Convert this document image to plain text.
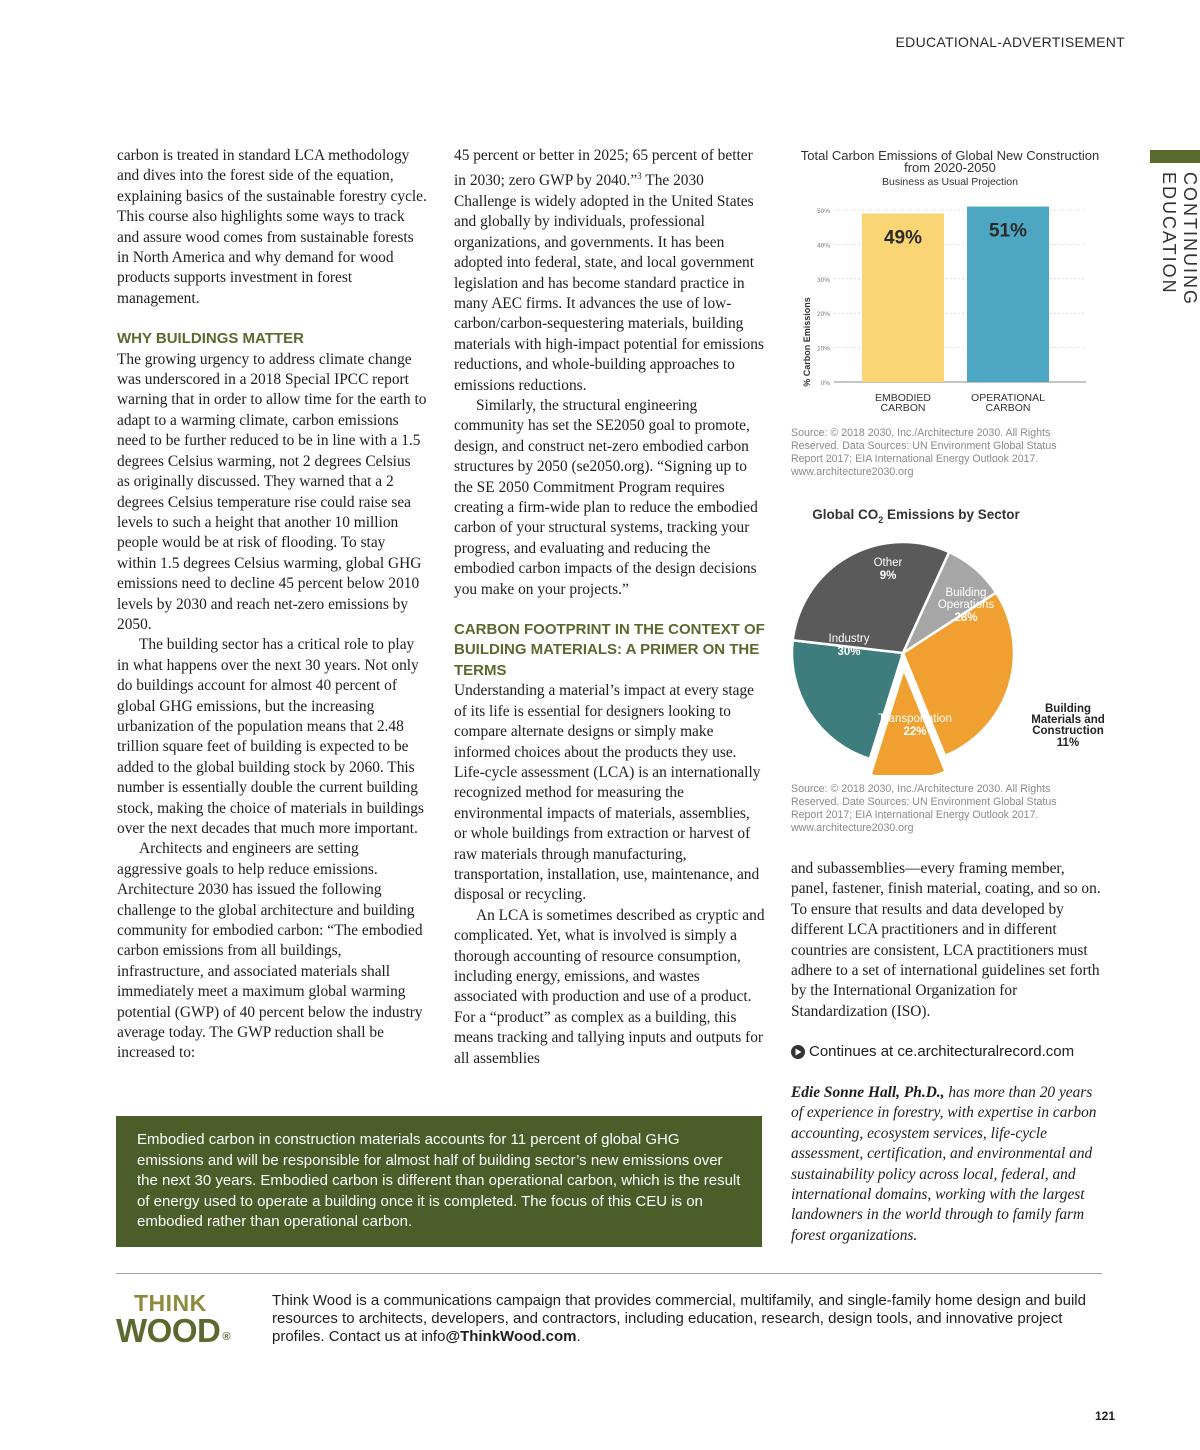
EDUCATIONAL-ADVERTISEMENT
CONTINUING EDUCATION

carbon is treated in standard LCA methodology and dives into the forest side of the equation, explaining basics of the sustainable forestry cycle. This course also highlights some ways to track and assure wood comes from sustainable forests in North America and why demand for wood products supports investment in forest management.

WHY BUILDINGS MATTER

The growing urgency to address climate change was underscored in a 2018 Special IPCC report warning that in order to allow time for the earth to adapt to a warming climate, carbon emissions need to be further reduced to be in line with a 1.5 degrees Celsius warming, not 2 degrees Celsius as originally discussed. They warned that a 2 degrees Celsius temperature rise could raise sea levels to such a height that another 10 million people would be at risk of flooding. To stay within 1.5 degrees Celsius warming, global GHG emissions need to decline 45 percent below 2010 levels by 2030 and reach net-zero emissions by 2050.

The building sector has a critical role to play in what happens over the next 30 years. Not only do buildings account for almost 40 percent of global GHG emissions, but the increasing urbanization of the population means that 2.48 trillion square feet of building is expected to be added to the global building stock by 2060. This number is essentially double the current building stock, making the choice of materials in buildings over the next decades that much more important.

Architects and engineers are setting aggressive goals to help reduce emissions. Architecture 2030 has issued the following challenge to the global architecture and building community for embodied carbon: “The embodied carbon emissions from all buildings, infrastructure, and associated materials shall immediately meet a maximum global warming potential (GWP) of 40 percent below the industry average today. The GWP reduction shall be increased to:

45 percent or better in 2025; 65 percent of better in 2030; zero GWP by 2040.”$^3$ The 2030 Challenge is widely adopted in the United States and globally by individuals, professional organizations, and governments. It has been adopted into federal, state, and local government legislation and has become standard practice in many AEC firms. It advances the use of low-carbon/carbon-sequestering materials, building materials with high-impact potential for emissions reductions, and whole-building approaches to emissions reductions.

Similarly, the structural engineering community has set the SE2050 goal to promote, design, and construct net-zero embodied carbon structures by 2050 (se2050.org). “Signing up to the SE 2050 Commitment Program requires creating a firm-wide plan to reduce the embodied carbon of your structural systems, tracking your progress, and evaluating and reducing the embodied carbon impacts of the design decisions you make on your projects.”

CARBON FOOTPRINT IN THE CONTEXT OF BUILDING MATERIALS: A PRIMER ON THE TERMS

Understanding a material’s impact at every stage of its life is essential for designers looking to compare alternate designs or simply make informed choices about the products they use. Life-cycle assessment (LCA) is an internationally recognized method for measuring the environmental impacts of materials, assemblies, or whole buildings from extraction or harvest of raw materials through manufacturing, transportation, installation, use, maintenance, and disposal or recycling.

An LCA is sometimes described as cryptic and complicated. Yet, what is involved is simply a thorough accounting of resource consumption, including energy, emissions, and wastes associated with production and use of a product. For a “product” as complex as a building, this means tracking and tallying inputs and outputs for all assemblies

Total Carbon Emissions of Global New Construction
from 2020-2050
Business as Usual Projection
% Carbon Emissions 0%
10%
20%
30%
40%
50%
49%	51%
EMBODIED
CARBON
OPERATIONAL
CARBON
Source: © 2018 2030, Inc./Architecture 2030. All Rights
Reserved. Data Sources: UN Environment Global Status
Report 2017; EIA International Energy Outlook 2017.
www.architecture2030.org
Global $CO_2$ Emissions by Sector
Building
Operations
28%
Building
Materials and
Construction
11%
Transportation
22%
Industry
30%
Other
9%
Source: © 2018 2030, Inc./Architecture 2030. All Rights
Reserved. Date Sources: UN Environment Global Status
Report 2017; EIA International Energy Outlook 2017.
www.architecture2030.org

and subassemblies—every framing member, panel, fastener, finish material, coating, and so on. To ensure that results and data developed by different LCA practitioners and in different countries are consistent, LCA practitioners must adhere to a set of international guidelines set forth by the International Organization for Standardization (ISO).

Continues at ce.architecturalrecord.com
Edie Sonne Hall, Ph.D., has more than 20 years of experience in forestry, with expertise in carbon accounting, ecosystem services, life-cycle assessment, certification, and environmental and sustainability policy across local, federal, and international domains, working with the largest landowners in the world through to family farm forest organizations.
Embodied carbon in construction materials accounts for 11 percent of global GHG emissions and will be responsible for almost half of building sector’s new emissions over the next 30 years. Embodied carbon is different than operational carbon, which is the result of energy used to operate a building once it is completed. The focus of this CEU is on embodied rather than operational carbon.
THINK
WOOD ®
Think Wood is a communications campaign that provides commercial, multifamily, and single-family home design and build resources to architects, developers, and contractors, including education, research, design tools, and innovative project profiles. Contact us at info@ThinkWood.com.
121
